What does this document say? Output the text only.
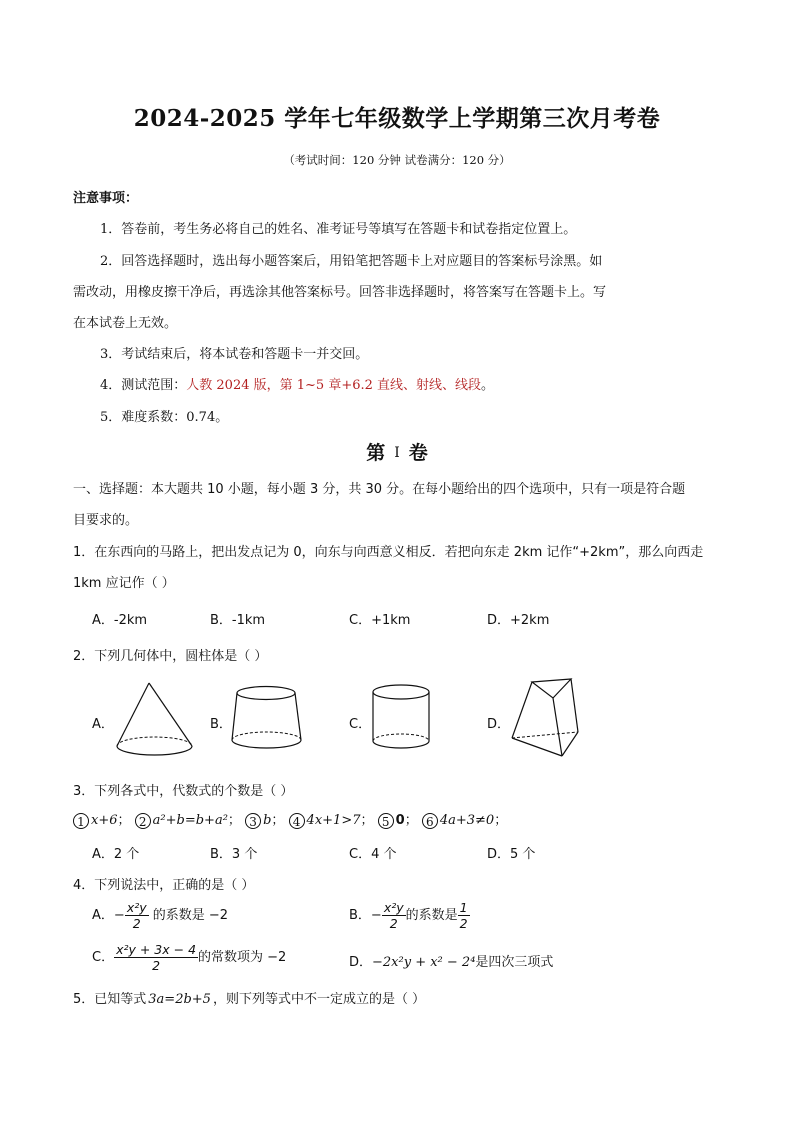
2024-2025 学年七年级数学上学期第三次月考卷
（考试时间：120 分钟 试卷满分：120 分）
注意事项：
1．答卷前，考生务必将自己的姓名、准考证号等填写在答题卡和试卷指定位置上。
2．回答选择题时，选出每小题答案后，用铅笔把答题卡上对应题目的答案标号涂黑。如
需改动，用橡皮擦干净后，再选涂其他答案标号。回答非选择题时，将答案写在答题卡上。写
在本试卷上无效。
3．考试结束后，将本试卷和答题卡一并交回。
4．测试范围：人教 2024 版，第 1~5 章+6.2 直线、射线、线段。
5．难度系数：0.74。
第 Ⅰ 卷
一、选择题：本大题共 10 小题，每小题 3 分，共 30 分。在每小题给出的四个选项中，只有一项是符合题
目要求的。
1．在东西向的马路上，把出发点记为 0，向东与向西意义相反．若把向东走 2km 记作“+2km”，那么向西走
1km 应记作（ ）
A．-2km	B．-1km	C．+1km	D．+2km
2．下列几何体中，圆柱体是（ ）
A．	B．	C．	D．
3．下列各式中，代数式的个数是（ ）
1 x+6； 2 a²+b=b+a²； 3 b； 4 4x+1>7； 5 0； 6 4a+3≠0；
A．2 个	B．3 个	C．4 个	D．5 个
4．下列说法中，正确的是（ ）
A．− $\frac{\text{x²y}}{2}$ 的系数是 −2	B．− $\frac{\text{x²y}}{2}$ 的系数是 $\frac{1}{2}$
C． $\frac{\text{x²y + 3x − 4}}{2}$ 的常数项为 −2	D．−2x²y + x² − 2⁴是四次三项式
5．已知等式 3a=2b+5 ，则下列等式中不一定成立的是（ ）
